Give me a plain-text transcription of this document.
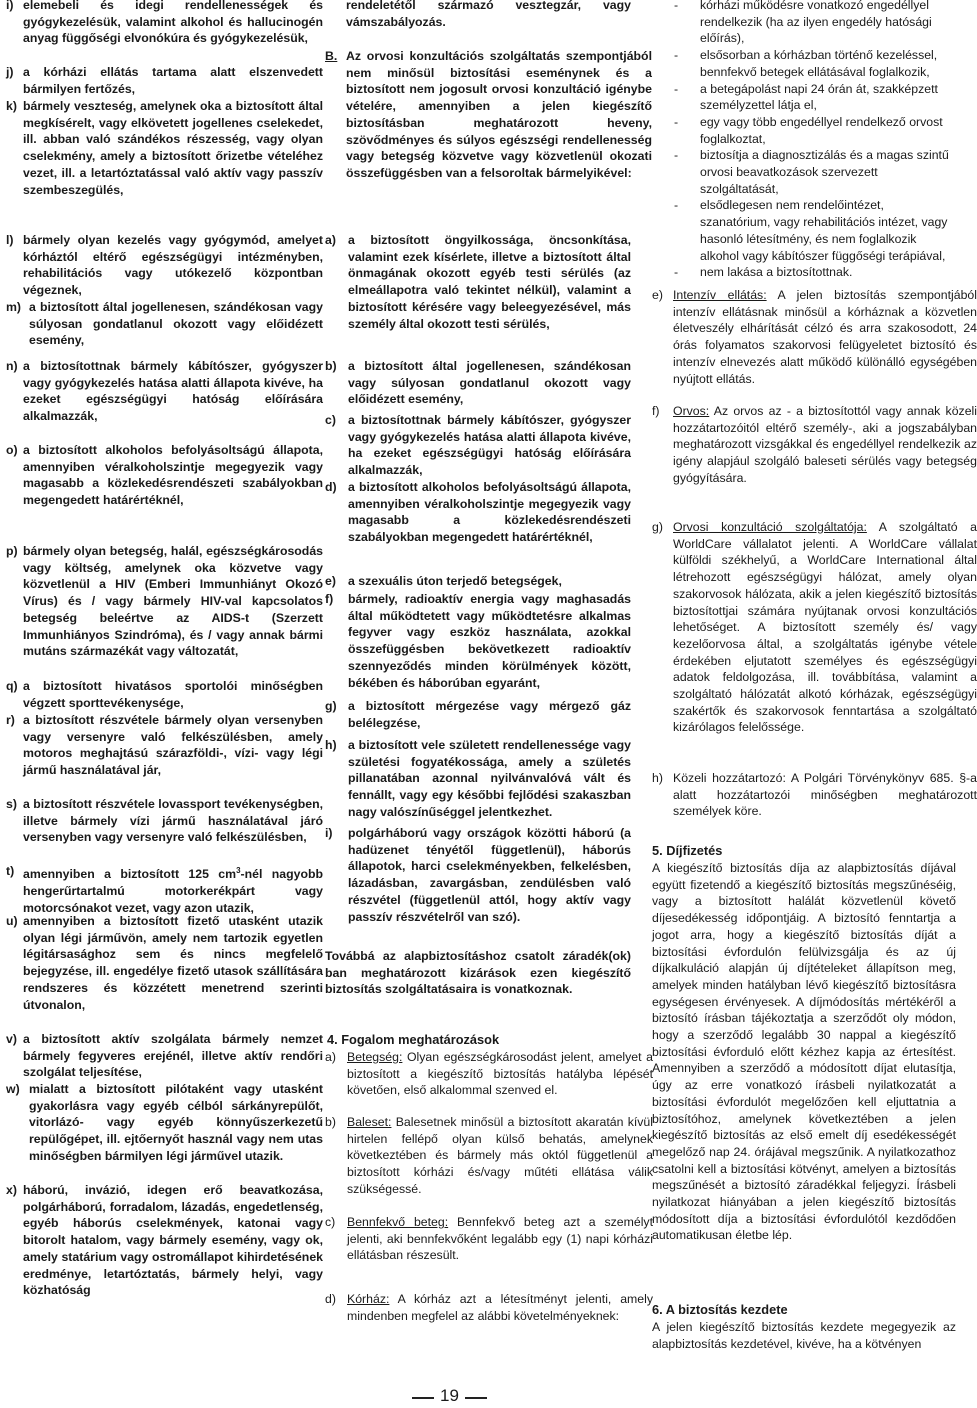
i) elemebeli és idegi rendellenességek és gyógykezelésük, valamint alkohol és hallucinogén anyag függőségi elvonókúra és gyógykezelésük,
j) a kórházi ellátás tartama alatt elszenvedett bármilyen fertőzés,
k) bármely veszteség, amelynek oka a biztosított által megkísérelt, vagy elkövetett jogellenes cselekedet, ill. abban való szándékos részesség, vagy olyan cselekmény, amely a biztosított őrizetbe vételéhez vezet, ill. a letartóztatással való aktív vagy passzív szembeszegülés,
l) bármely olyan kezelés vagy gyógymód, amelyet kórháztól eltérő egészségügyi intézményben, rehabilitációs vagy utókezelő központban végeznek,
m) a biztosított által jogellenesen, szándékosan vagy súlyosan gondatlanul okozott vagy előidézett esemény,
n) a biztosítottnak bármely kábítószer, gyógyszer vagy gyógykezelés hatása alatti állapota kivéve, ha ezeket egészségügyi hatóság előírására alkalmazzák,
o) a biztosított alkoholos befolyásoltságú állapota, amennyiben véralkoholszintje megegyezik vagy magasabb a közlekedésrendészeti szabályokban megengedett határértéknél,
p) bármely olyan betegség, halál, egészségkárosodás vagy költség, amelynek oka közvetve vagy közvetlenül a HIV (Emberi Immunhiányt Okozó Vírus) és / vagy bármely HIV-val kapcsolatos betegség beleértve az AIDS-t (Szerzett Immunhiányos Szindróma), és / vagy annak bármi mutáns származékát vagy változatát,
q) a biztosított hivatásos sportolói minőségben végzett sporttevékenysége,
r) a biztosított részvétele bármely olyan versenyben vagy versenyre való felkészülésben, amely motoros meghajtású szárazföldi-, vízi- vagy légi jármű használatával jár,
s) a biztosított részvétele lovassport tevékenységben, illetve bármely vízi jármű használatával járó versenyben vagy versenyre való felkészülésben,
t) amennyiben a biztosított 125 $cm^3$-nél nagyobb hengerűrtartalmú motorkerékpárt vagy motorcsónakot vezet, vagy azon utazik,
u) amennyiben a biztosított fizető utasként utazik olyan légi járművön, amely nem tartozik egyetlen légitársasághoz sem és nincs megfelelő bejegyzése, ill. engedélye fizető utasok szállítására rendszeres és közzétett menetrend szerinti útvonalon,
v) a biztosított aktív szolgálata bármely nemzet bármely fegyveres erejénél, illetve aktív rendőri szolgálat teljesítése,
w) mialatt a biztosított pilótaként vagy utasként gyakorlásra vagy egyéb célból sárkányrepülőt, vitorlázó- vagy egyéb könnyűszerkezetű repülőgépet, ill. ejtőernyőt használ vagy nem utas minőségben bármilyen légi járművel utazik.
x) háború, invázió, idegen erő beavatkozása, polgárháború, forradalom, lázadás, engedetlenség, egyéb háborús cselekmények, katonai vagy bitorolt hatalom, vagy bármely esemény, vagy ok, amely statárium vagy ostromállapot kihirdetésének eredménye, letartóztatás, bármely helyi, vagy közhatóság
rendeletétől származó vesztegzár, vagy vámszabályozás.
B. Az orvosi konzultációs szolgáltatás szempontjából nem minősül biztosítási eseménynek és a biztosított nem jogosult orvosi konzultáció igénybe vételére, amennyiben a jelen kiegészítő biztosításban meghatározott heveny, szövődményes és súlyos egészségi rendellenesség vagy betegség közvetve vagy közvetlenül okozati összefüggésben van a felsoroltak bármelyikével:
a) a biztosított öngyilkossága, öncsonkítása, valamint ezek kísérlete, illetve a biztosított által önmagának okozott egyéb testi sérülés (az elmeállapotra való tekintet nélkül), valamint a biztosított kérésére vagy beleegyezésével, más személy által okozott testi sérülés,
b) a biztosított által jogellenesen, szándékosan vagy súlyosan gondatlanul okozott vagy előidézett esemény,
c) a biztosítottnak bármely kábítószer, gyógyszer vagy gyógykezelés hatása alatti állapota kivéve, ha ezeket egészségügyi hatóság előírására alkalmazzák,
d) a biztosított alkoholos befolyásoltságú állapota, amennyiben véralkoholszintje megegyezik vagy magasabb a közlekedésrendészeti szabályokban megengedett határértéknél,
e) a szexuális úton terjedő betegségek,
f) bármely, radioaktív energia vagy maghasadás által működtetett vagy működtetésre alkalmas fegyver vagy eszköz használata, azokkal összefüggésben bekövetkezett radioaktív szennyeződés minden körülmények között, békében és háborúban egyaránt,
g) a biztosított mérgezése vagy mérgező gáz belélegzése,
h) a biztosított vele született rendellenessége vagy születési fogyatékossága, amely a születés pillanatában azonnal nyilvánvalóvá vált és fennállt, vagy egy későbbi fejlődési szakaszban nagy valószínűséggel jelentkezhet.
i) polgárháború vagy országok közötti háború (a hadüzenet tényétől függetlenül), háborús állapotok, harci cselekményekben, felkelésben, lázadásban, zavargásban, zendülésben való részvétel (függetlenül attól, hogy aktív vagy passzív részvételről van szó).
Továbbá az alapbiztosításhoz csatolt záradék(ok) ban meghatározott kizárások ezen kiegészítő biztosítás szolgáltatásaira is vonatkoznak.
4. Fogalom meghatározások
a) Betegség: Olyan egészségkárosodást jelent, amelyet a biztosított a kiegészítő biztosítás hatályba lépését követően, első alkalommal szenved el.
b) Baleset: Balesetnek minősül a biztosított akaratán kívül hirtelen fellépő olyan külső behatás, amelynek következtében és bármely más októl függetlenül a biztosított kórházi és/vagy műtéti ellátása válik szükségessé.
c) Bennfekvő beteg: Bennfekvő beteg azt a személyt jelenti, aki bennfekvőként legalább egy (1) napi kórházi ellátásban részesült.
d) Kórház: A kórház azt a létesítményt jelenti, amely mindenben megfelel az alábbi követelményeknek:
- kórházi működésre vonatkozó engedéllyel rendelkezik (ha az ilyen engedély hatósági előírás),
- elsősorban a kórházban történő kezeléssel, bennfekvő betegek ellátásával foglalkozik,
- a betegápolást napi 24 órán át, szakképzett személyzettel látja el,
- egy vagy több engedéllyel rendelkező orvost foglalkoztat,
- biztosítja a diagnosztizálás és a magas szintű orvosi beavatkozások szervezett szolgáltatását,
- elsődlegesen nem rendelőintézet, szanatórium, vagy rehabilitációs intézet, vagy hasonló létesítmény, és nem foglalkozik alkohol vagy kábítószer függőségi terápiával,
- nem lakása a biztosítottnak.
e) Intenzív ellátás: A jelen biztosítás szempontjából intenzív ellátásnak minősül a kórháznak a közvetlen életveszély elhárítását célzó és arra szakosodott, 24 órás folyamatos szakorvosi felügyeletet biztosító és intenzív elnevezés alatt működő különálló egységében nyújtott ellátás.
f) Orvos: Az orvos az - a biztosítottól vagy annak közeli hozzátartozóitól eltérő személy-, aki a jogszabályban meghatározott vizsgákkal és engedéllyel rendelkezik az igény alapjául szolgáló baleseti sérülés vagy betegség gyógyítására.
g) Orvosi konzultáció szolgáltatója: A szolgáltató a WorldCare vállalatot jelenti. A WorldCare vállalat külföldi székhelyű, a WorldCare International által létrehozott egészségügyi hálózat, amely olyan szakorvosok hálózata, akik a jelen kiegészítő biztosítás biztosítottjai számára nyújtanak orvosi konzultációs lehetőséget. A biztosított személy és/ vagy kezelőorvosa által, a szolgáltatás igénybe vétele érdekében eljutatott személyes és egészségügyi adatok feldolgozása, ill. továbbítása, valamint a szolgáltató hálózatát alkotó kórházak, egészségügyi szakértők és szakorvosok fenntartása a szolgáltató kizárólagos felelőssége.
h) Közeli hozzátartozó: A Polgári Törvénykönyv 685. §-a alatt hozzátartozói minőségben meghatározott személyek köre.
5. Díjfizetés
A kiegészítő biztosítás díja az alapbiztosítás díjával együtt fizetendő a kiegészítő biztosítás megszűnéséig, vagy a biztosított halálát közvetlenül követő díjesedékesség időpontjáig. A biztosító fenntartja a jogot arra, hogy a kiegészítő biztosítás díját a biztosítási évfordulón felülvizsgálja és az új díjkalkuláció alapján új díjtételeket állapítson meg, amelyek minden hatályban lévő kiegészítő biztosításra egységesen érvényesek. A díjmódosítás mértékéről a biztosító írásban tájékoztatja a szerződőt oly módon, hogy a szerződő legalább 30 nappal a kiegészítő biztosítási évforduló előtt kézhez kapja az értesítést. Amennyiben a szerződő a módosított díjat elutasítja, úgy az erre vonatkozó írásbeli nyilatkozatát a biztosítási évfordulót megelőzően kell eljuttatnia a biztosítóhoz, amelynek következtében a jelen kiegészítő biztosítás az első emelt díj esedékességét megelőző nap 24. órájával megszűnik. A nyilatkozathoz csatolni kell a biztosítási kötvényt, amelyen a biztosítás megszűnését a biztosító záradékkal feljegyzi. Írásbeli nyilatkozat hiányában a jelen kiegészítő biztosítás módosított díja a biztosítási évfordulótól kezdődően automatikusan életbe lép.
6. A biztosítás kezdete
A jelen kiegészítő biztosítás kezdete megegyezik az alapbiztosítás kezdetével, kivéve, ha a kötvényen
19
